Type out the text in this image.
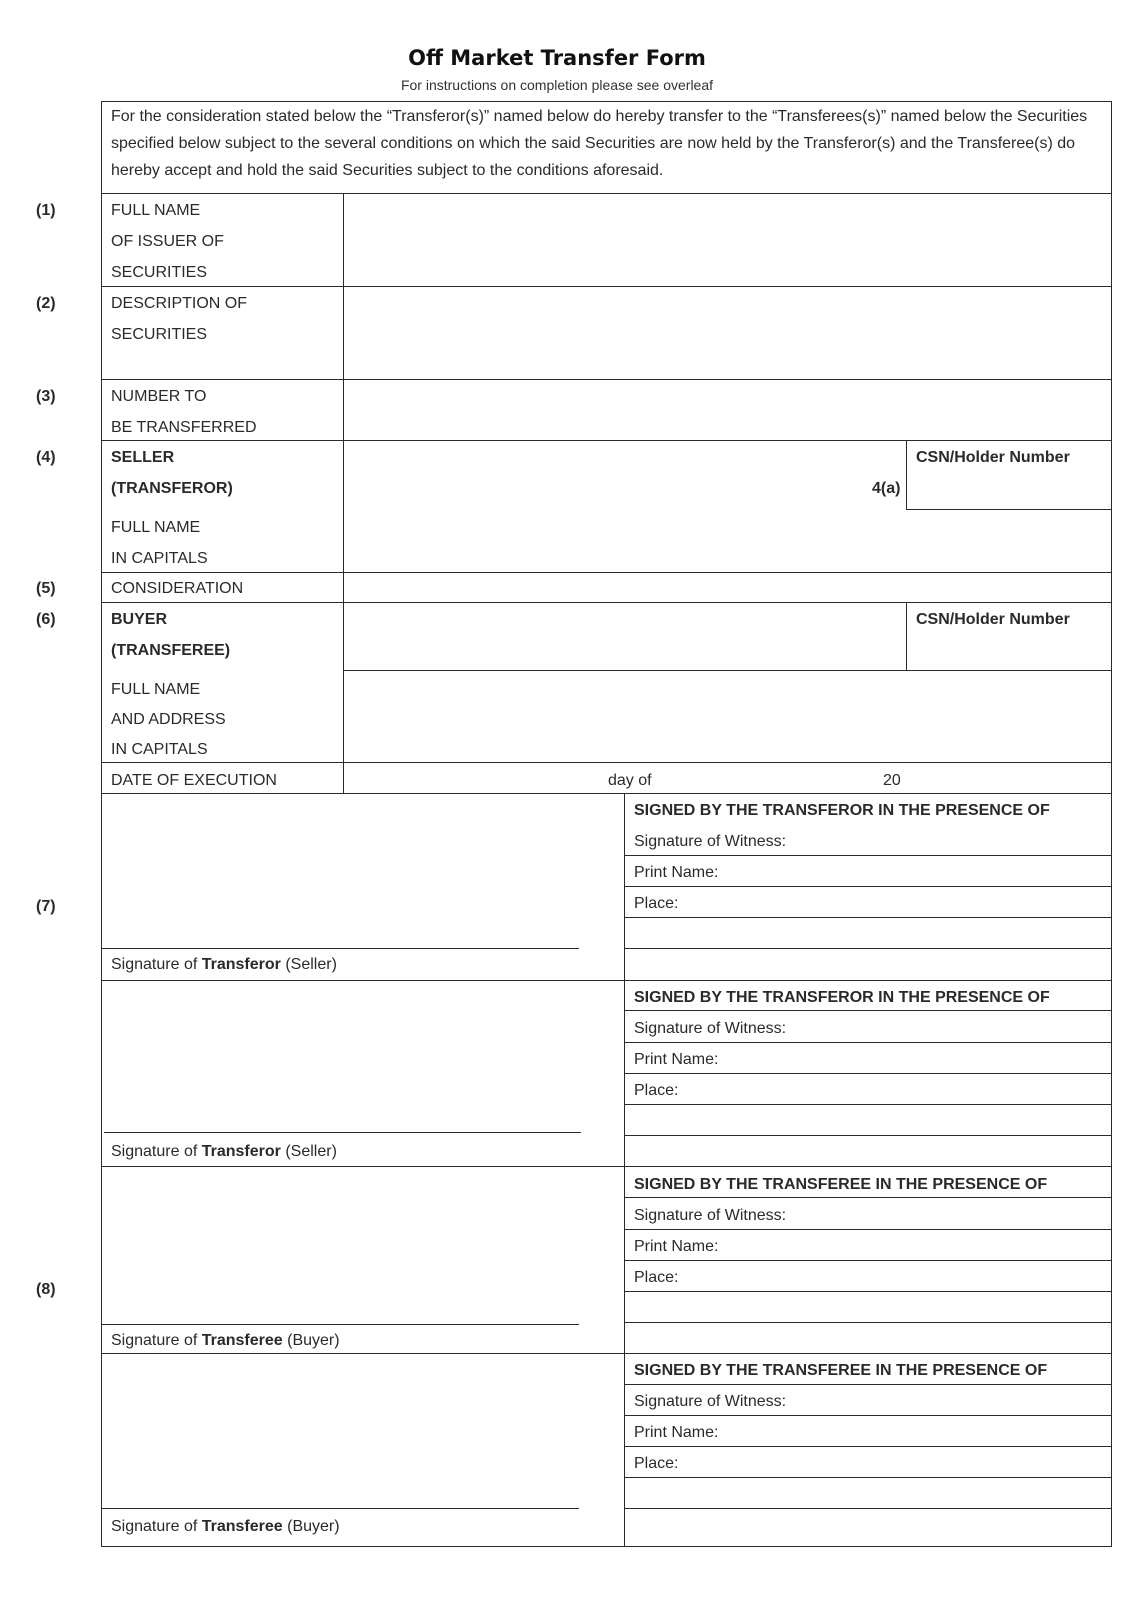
Off Market Transfer Form
For instructions on completion please see overleaf
For the consideration stated below the “Transferor(s)” named below do hereby transfer to the “Transferees(s)” named below the Securities specified below subject to the several conditions on which the said Securities are now held by the Transferor(s) and the Transferee(s) do hereby accept and hold the said Securities subject to the conditions aforesaid.
(1)
(2)
(3)
(4)
(5)
(6)
(7)
(8)
FULL NAME
OF ISSUER OF
SECURITIES
DESCRIPTION OF
SECURITIES
NUMBER TO
BE TRANSFERRED
SELLER
(TRANSFEROR)
FULL NAME
IN CAPITALS
4(a)
CSN/Holder Number
CONSIDERATION
BUYER
(TRANSFEREE)
FULL NAME
AND ADDRESS
IN CAPITALS
CSN/Holder Number
DATE OF EXECUTION	day of	20
Signature of Transferor (Seller)
SIGNED BY THE TRANSFEROR IN THE PRESENCE OF
Signature of Witness:
Print Name:
Place:
Signature of Transferor (Seller)
SIGNED BY THE TRANSFEROR IN THE PRESENCE OF
Signature of Witness:
Print Name:
Place:
Signature of Transferee (Buyer)
SIGNED BY THE TRANSFEREE IN THE PRESENCE OF
Signature of Witness:
Print Name:
Place:
Signature of Transferee (Buyer)
SIGNED BY THE TRANSFEREE IN THE PRESENCE OF
Signature of Witness:
Print Name:
Place:
